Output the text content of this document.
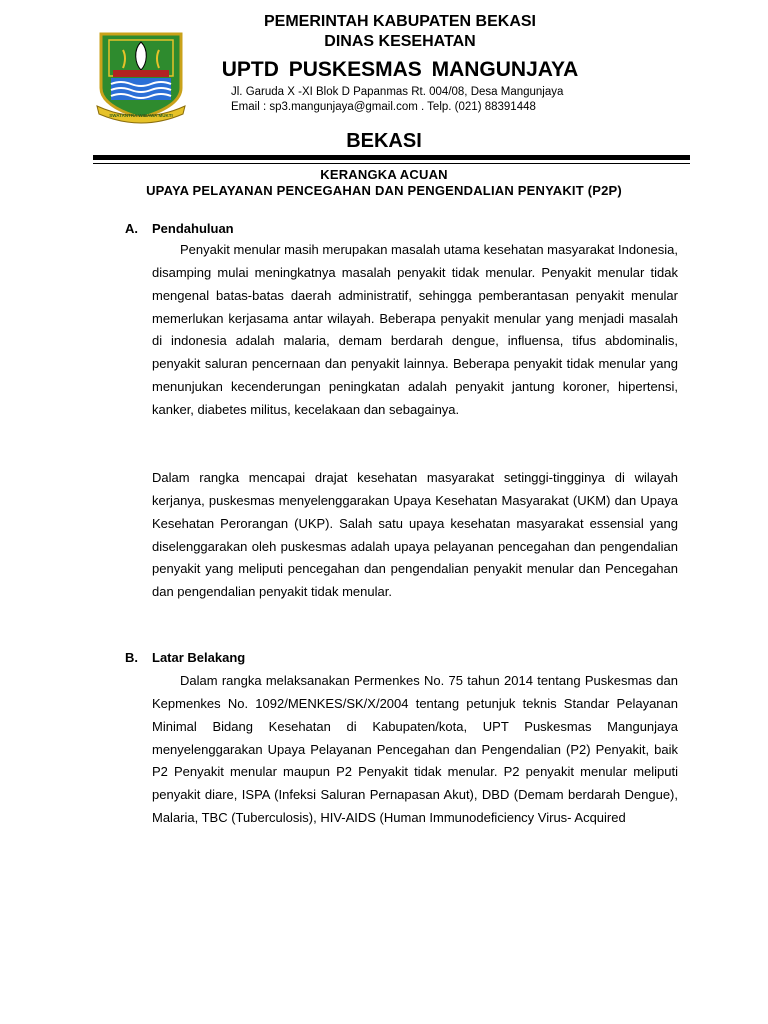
SWATANTRA WIBAWA MUKTI
PEMERINTAH KABUPATEN BEKASI
DINAS KESEHATAN
UPTD PUSKESMAS MANGUNJAYA
Jl. Garuda X -XI Blok D Papanmas Rt. 004/08, Desa Mangunjaya
Email : sp3.mangunjaya@gmail.com . Telp. (021) 88391448
BEKASI
KERANGKA ACUAN
UPAYA PELAYANAN PENCEGAHAN DAN PENGENDALIAN PENYAKIT (P2P)
A. Pendahuluan

Penyakit menular masih merupakan masalah utama kesehatan masyarakat Indonesia, disamping mulai meningkatnya masalah penyakit tidak menular. Penyakit menular tidak mengenal batas-batas daerah administratif, sehingga pemberantasan penyakit menular memerlukan kerjasama antar wilayah. Beberapa penyakit menular yang menjadi masalah di indonesia adalah malaria, demam berdarah dengue, influensa, tifus abdominalis, penyakit saluran pencernaan dan penyakit lainnya. Beberapa penyakit tidak menular yang menunjukan kecenderungan peningkatan adalah penyakit jantung koroner, hipertensi, kanker, diabetes militus, kecelakaan dan sebagainya.

Dalam rangka mencapai drajat kesehatan masyarakat setinggi-tingginya di wilayah kerjanya, puskesmas menyelenggarakan Upaya Kesehatan Masyarakat (UKM) dan Upaya Kesehatan Perorangan (UKP). Salah satu upaya kesehatan masyarakat essensial yang diselenggarakan oleh puskesmas adalah upaya pelayanan pencegahan dan pengendalian penyakit yang meliputi pencegahan dan pengendalian penyakit menular dan Pencegahan dan pengendalian penyakit tidak menular.

B. Latar Belakang

Dalam rangka melaksanakan Permenkes No. 75 tahun 2014 tentang Puskesmas dan Kepmenkes No. 1092/MENKES/SK/X/2004 tentang petunjuk teknis Standar Pelayanan Minimal Bidang Kesehatan di Kabupaten/kota, UPT Puskesmas Mangunjaya menyelenggarakan Upaya Pelayanan Pencegahan dan Pengendalian (P2) Penyakit, baik P2 Penyakit menular maupun P2 Penyakit tidak menular. P2 penyakit menular meliputi penyakit diare, ISPA (Infeksi Saluran Pernapasan Akut), DBD (Demam berdarah Dengue), Malaria, TBC (Tuberculosis), HIV-AIDS (Human Immunodeficiency Virus- Acquired
